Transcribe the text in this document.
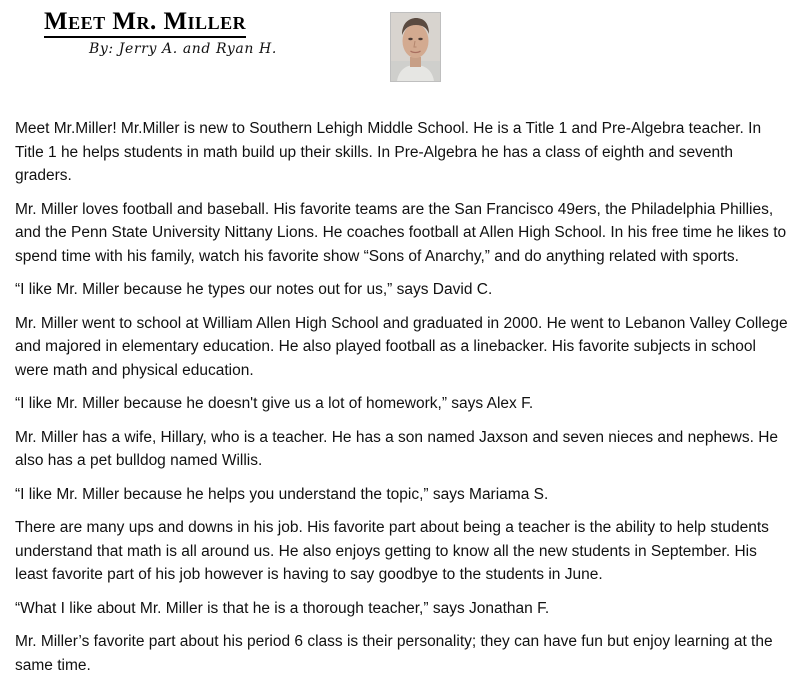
Meet Mr. Miller
By: Jerry A. and Ryan H.

Meet Mr.Miller! Mr.Miller is new to Southern Lehigh Middle School. He is a Title 1 and Pre-Algebra teacher. In Title 1 he helps students in math build up their skills. In Pre-Algebra he has a class of eighth and seventh graders.

Mr. Miller loves football and baseball. His favorite teams are the San Francisco 49ers, the Philadelphia Phillies, and the Penn State University Nittany Lions. He coaches football at Allen High School. In his free time he likes to spend time with his family, watch his favorite show “Sons of Anarchy,” and do anything related with sports.

“I like Mr. Miller because he types our notes out for us,” says David C.

Mr. Miller went to school at William Allen High School and graduated in 2000. He went to Lebanon Valley College and majored in elementary education. He also played football as a linebacker. His favorite subjects in school were math and physical education.

“I like Mr. Miller because he doesn't give us a lot of homework,” says Alex F.

Mr. Miller has a wife, Hillary, who is a teacher. He has a son named Jaxson and seven nieces and nephews. He also has a pet bulldog named Willis.

“I like Mr. Miller because he helps you understand the topic,” says Mariama S.

There are many ups and downs in his job. His favorite part about being a teacher is the ability to help students understand that math is all around us. He also enjoys getting to know all the new students in September. His least favorite part of his job however is having to say goodbye to the students in June.

“What I like about Mr. Miller is that he is a thorough teacher,” says Jonathan F.

Mr. Miller’s favorite part about his period 6 class is their personality; they can have fun but enjoy learning at the same time.
